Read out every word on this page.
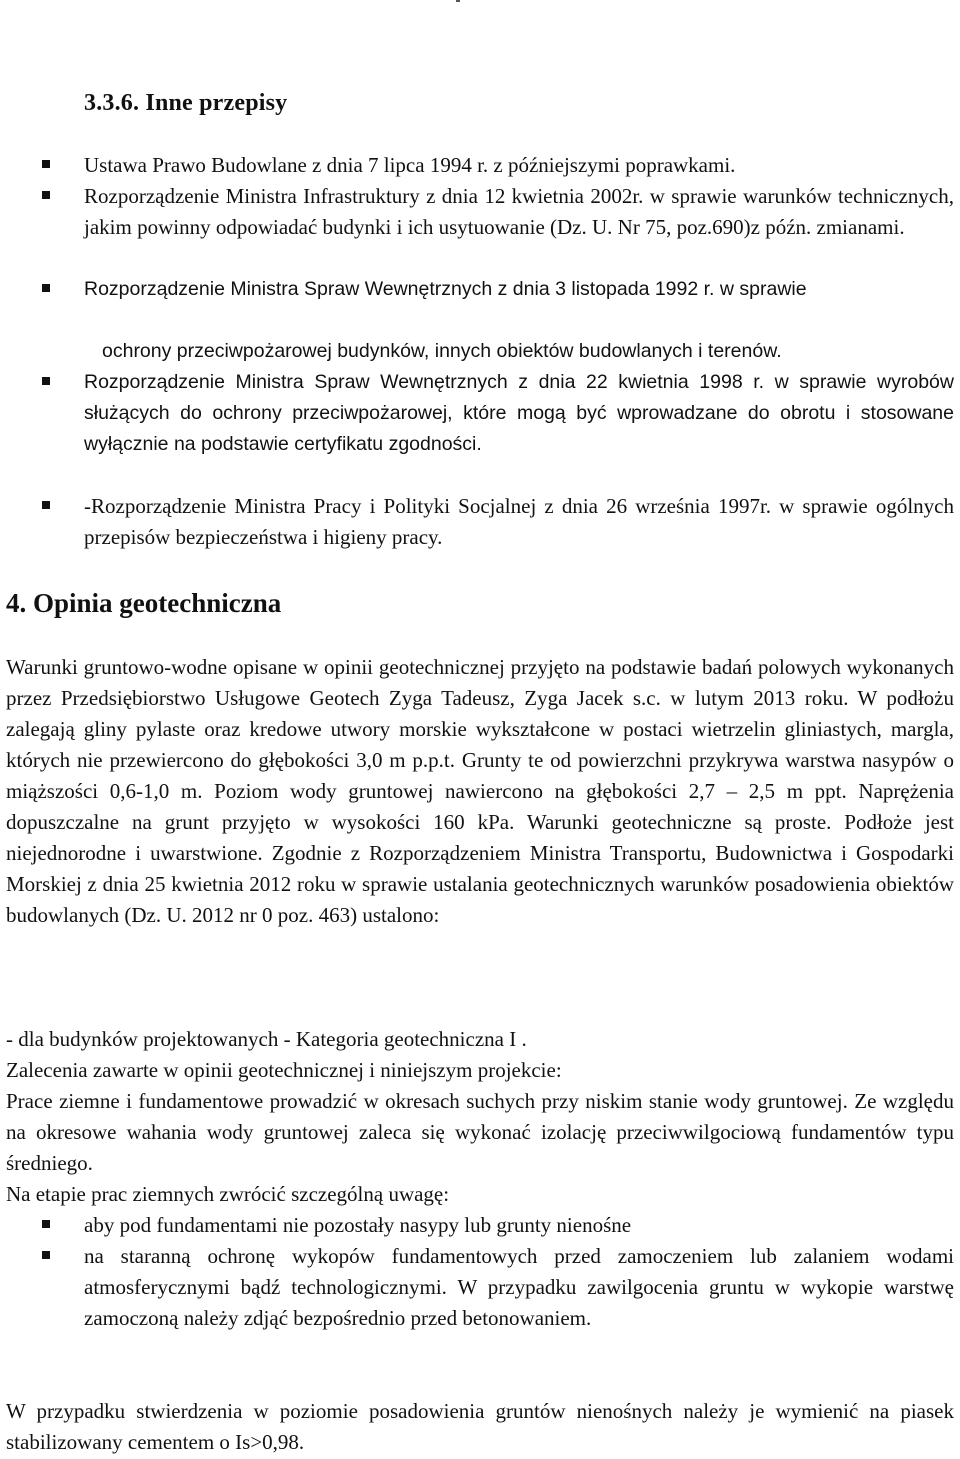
3.3.6. Inne przepisy
Ustawa Prawo Budowlane z dnia 7 lipca 1994 r. z późniejszymi poprawkami.
Rozporządzenie Ministra Infrastruktury z dnia 12 kwietnia 2002r. w sprawie warunków technicznych, jakim powinny odpowiadać budynki i ich usytuowanie (Dz. U. Nr 75, poz.690)z późn. zmianami.
Rozporządzenie Ministra Spraw Wewnętrznych z dnia 3 listopada 1992 r. w sprawie
ochrony przeciwpożarowej budynków, innych obiektów budowlanych i terenów.
Rozporządzenie Ministra Spraw Wewnętrznych z dnia 22 kwietnia 1998 r. w sprawie wyrobów służących do ochrony przeciwpożarowej, które mogą być wprowadzane do obrotu i stosowane wyłącznie na podstawie certyfikatu zgodności.
-Rozporządzenie Ministra Pracy i Polityki Socjalnej z dnia 26 września 1997r. w sprawie ogólnych przepisów bezpieczeństwa i higieny pracy.
4. Opinia geotechniczna

Warunki gruntowo-wodne opisane w opinii geotechnicznej przyjęto na podstawie badań polowych wykonanych przez Przedsiębiorstwo Usługowe Geotech Zyga Tadeusz, Zyga Jacek s.c. w lutym 2013 roku. W podłożu zalegają gliny pylaste oraz kredowe utwory morskie wykształcone w postaci wietrzelin gliniastych, margla, których nie przewiercono do głębokości 3,0 m p.p.t. Grunty te od powierzchni przykrywa warstwa nasypów o miąższości 0,6-1,0 m. Poziom wody gruntowej nawiercono na głębokości 2,7 – 2,5 m ppt. Naprężenia dopuszczalne na grunt przyjęto w wysokości 160 kPa. Warunki geotechniczne są proste. Podłoże jest niejednorodne i uwarstwione. Zgodnie z Rozporządzeniem Ministra Transportu, Budownictwa i Gospodarki Morskiej z dnia 25 kwietnia 2012 roku w sprawie ustalania geotechnicznych warunków posadowienia obiektów budowlanych (Dz. U. 2012 nr 0 poz. 463) ustalono:

- dla budynków projektowanych - Kategoria geotechniczna I .

Zalecenia zawarte w opinii geotechnicznej i niniejszym projekcie:

Prace ziemne i fundamentowe prowadzić w okresach suchych przy niskim stanie wody gruntowej. Ze względu na okresowe wahania wody gruntowej zaleca się wykonać izolację przeciwwilgociową fundamentów typu średniego.

Na etapie prac ziemnych zwrócić szczególną uwagę:

aby pod fundamentami nie pozostały nasypy lub grunty nienośne
na staranną ochronę wykopów fundamentowych przed zamoczeniem lub zalaniem wodami atmosferycznymi bądź technologicznymi. W przypadku zawilgocenia gruntu w wykopie warstwę zamoczoną należy zdjąć bezpośrednio przed betonowaniem.

W przypadku stwierdzenia w poziomie posadowienia gruntów nienośnych należy je wymienić na piasek stabilizowany cementem o Is>0,98.
